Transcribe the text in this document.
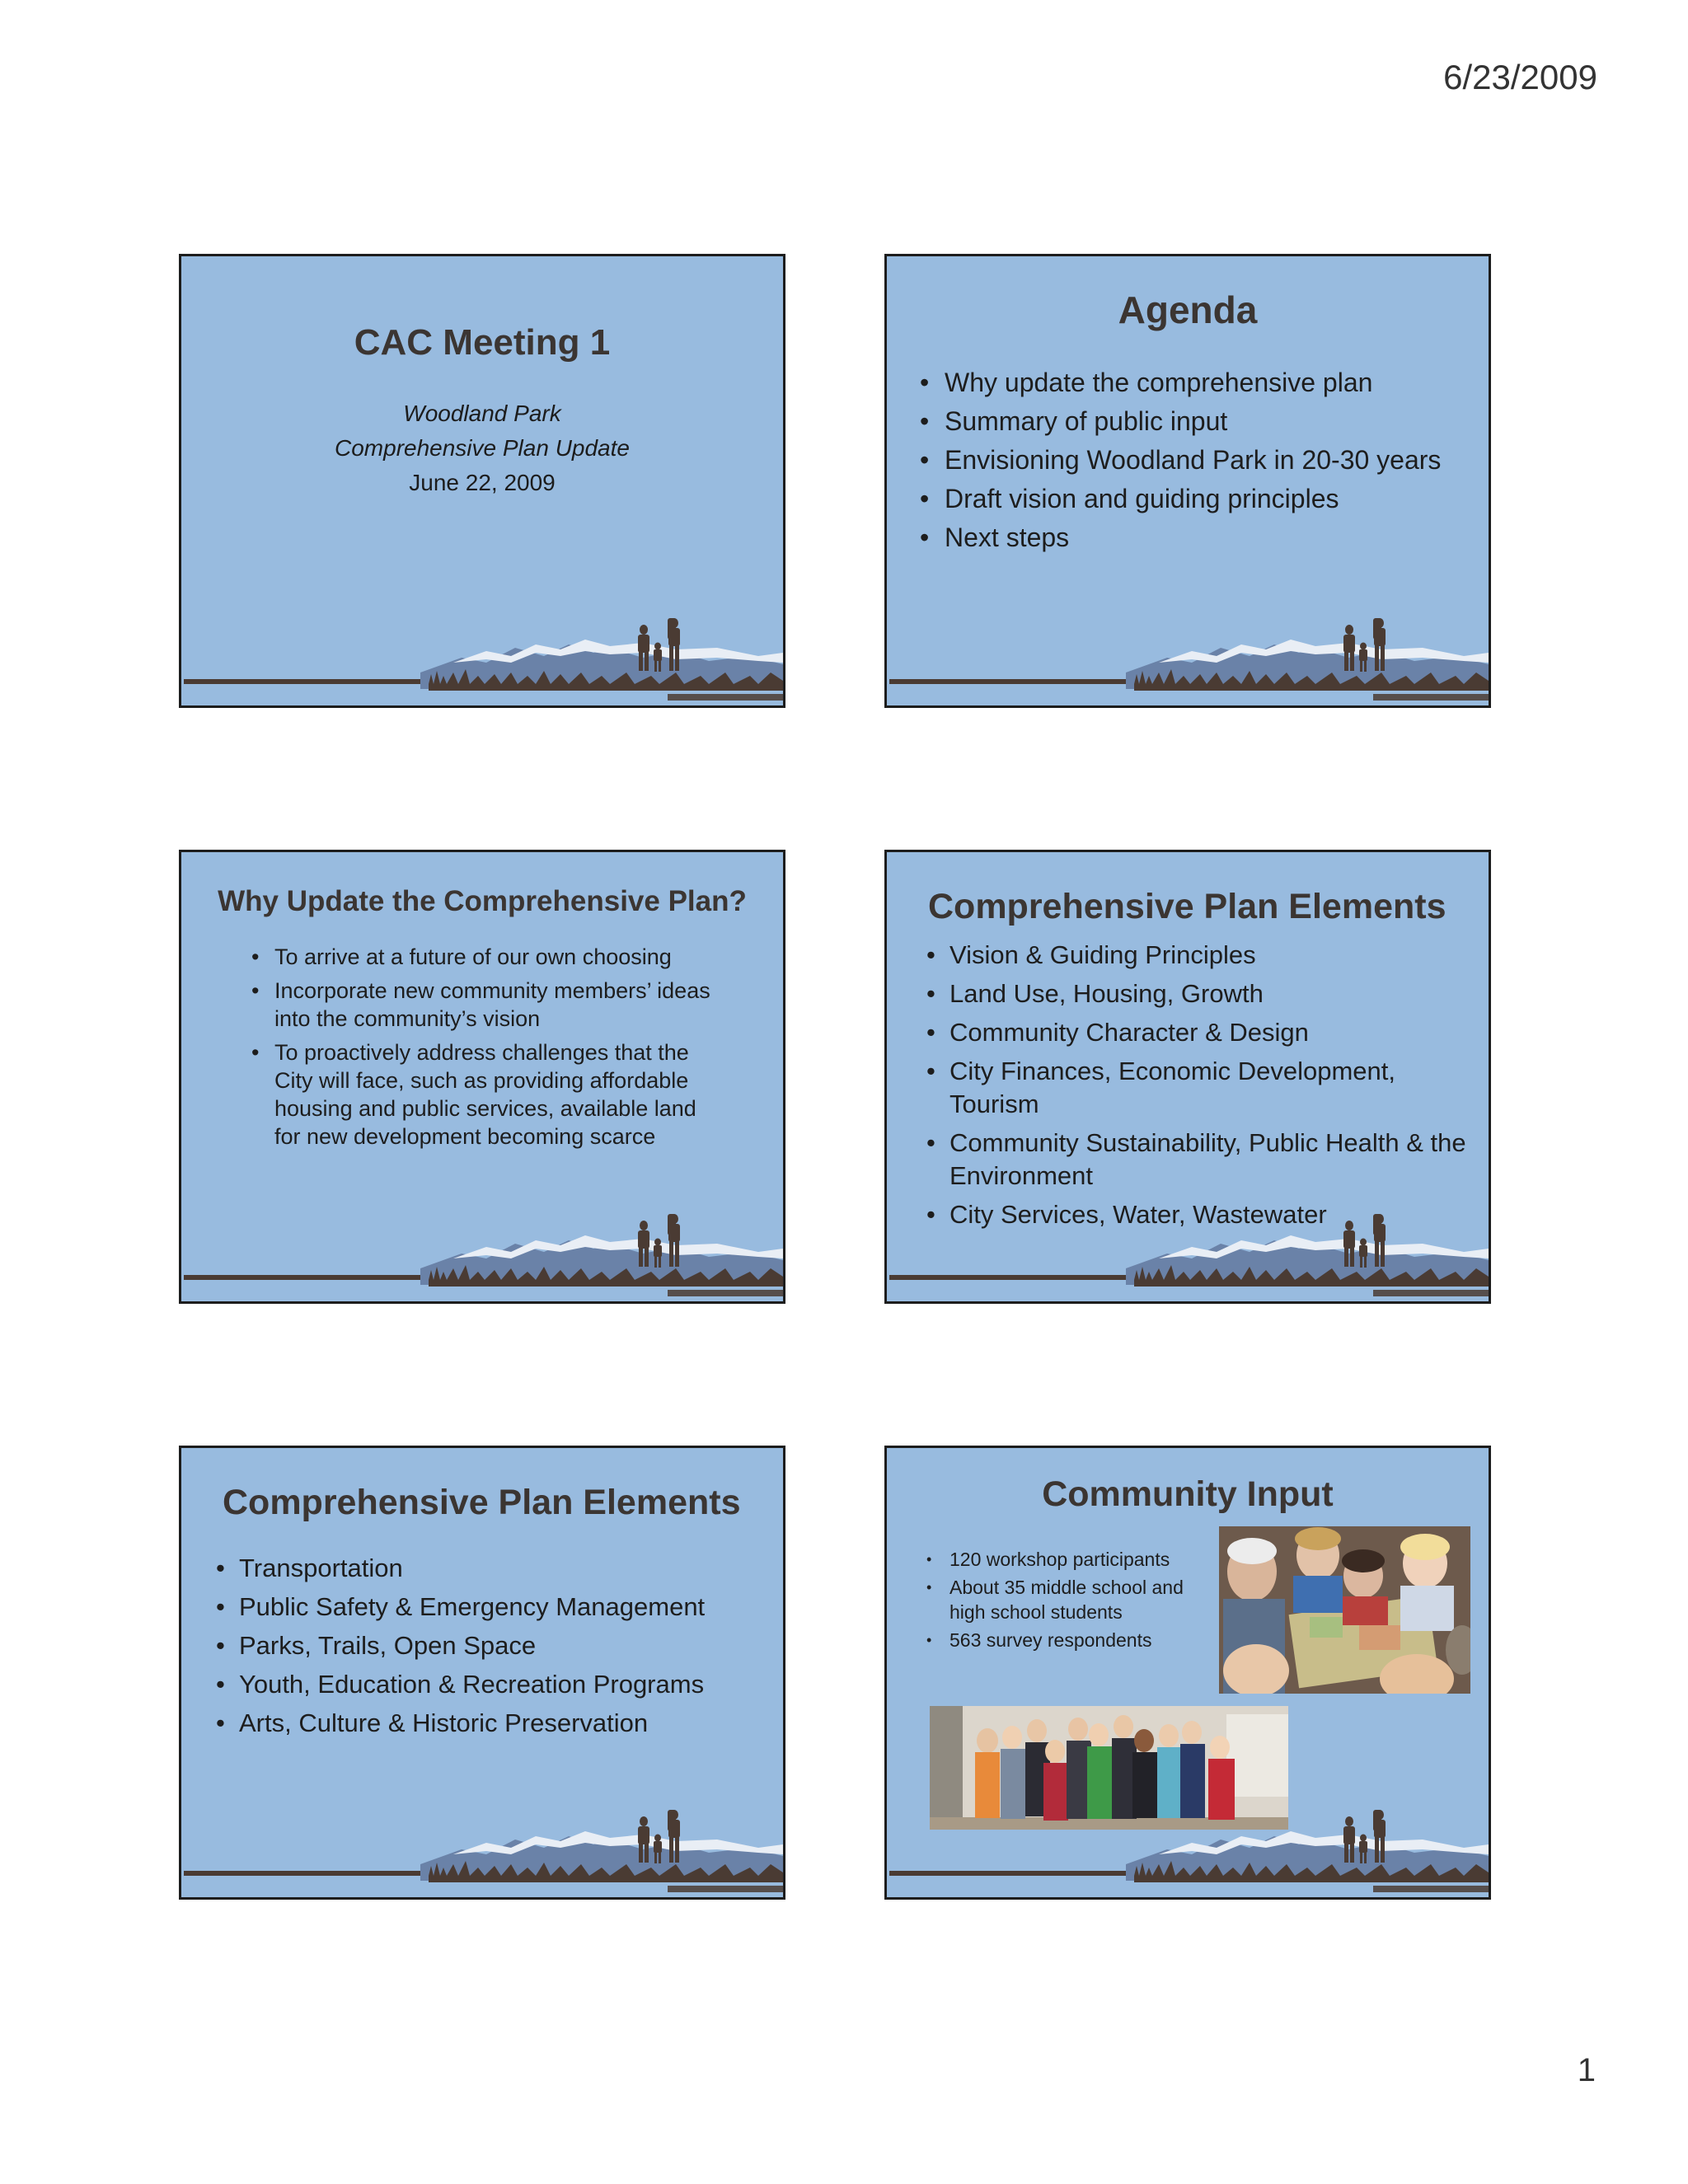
6/23/2009
CAC Meeting 1
Woodland Park
Comprehensive Plan Update
June 22, 2009
Agenda
• Why update the comprehensive plan
• Summary of public input
• Envisioning Woodland Park in 20-30 years
• Draft vision and guiding principles
• Next steps
Why Update the Comprehensive Plan?
• To arrive at a future of our own choosing
• Incorporate new community members’ ideas into the community’s vision
• To proactively address challenges that the City will face, such as providing affordable housing and public services, available land for new development becoming scarce
Comprehensive Plan Elements
• Vision & Guiding Principles
• Land Use, Housing, Growth
• Community Character & Design
• City Finances, Economic Development, Tourism
• Community Sustainability, Public Health & the Environment
• City Services, Water, Wastewater
Comprehensive Plan Elements
• Transportation
• Public Safety & Emergency Management
• Parks, Trails, Open Space
• Youth, Education & Recreation Programs
• Arts, Culture & Historic Preservation
Community Input
• 120 workshop participants
• About 35 middle school and high school students
• 563 survey respondents
1
